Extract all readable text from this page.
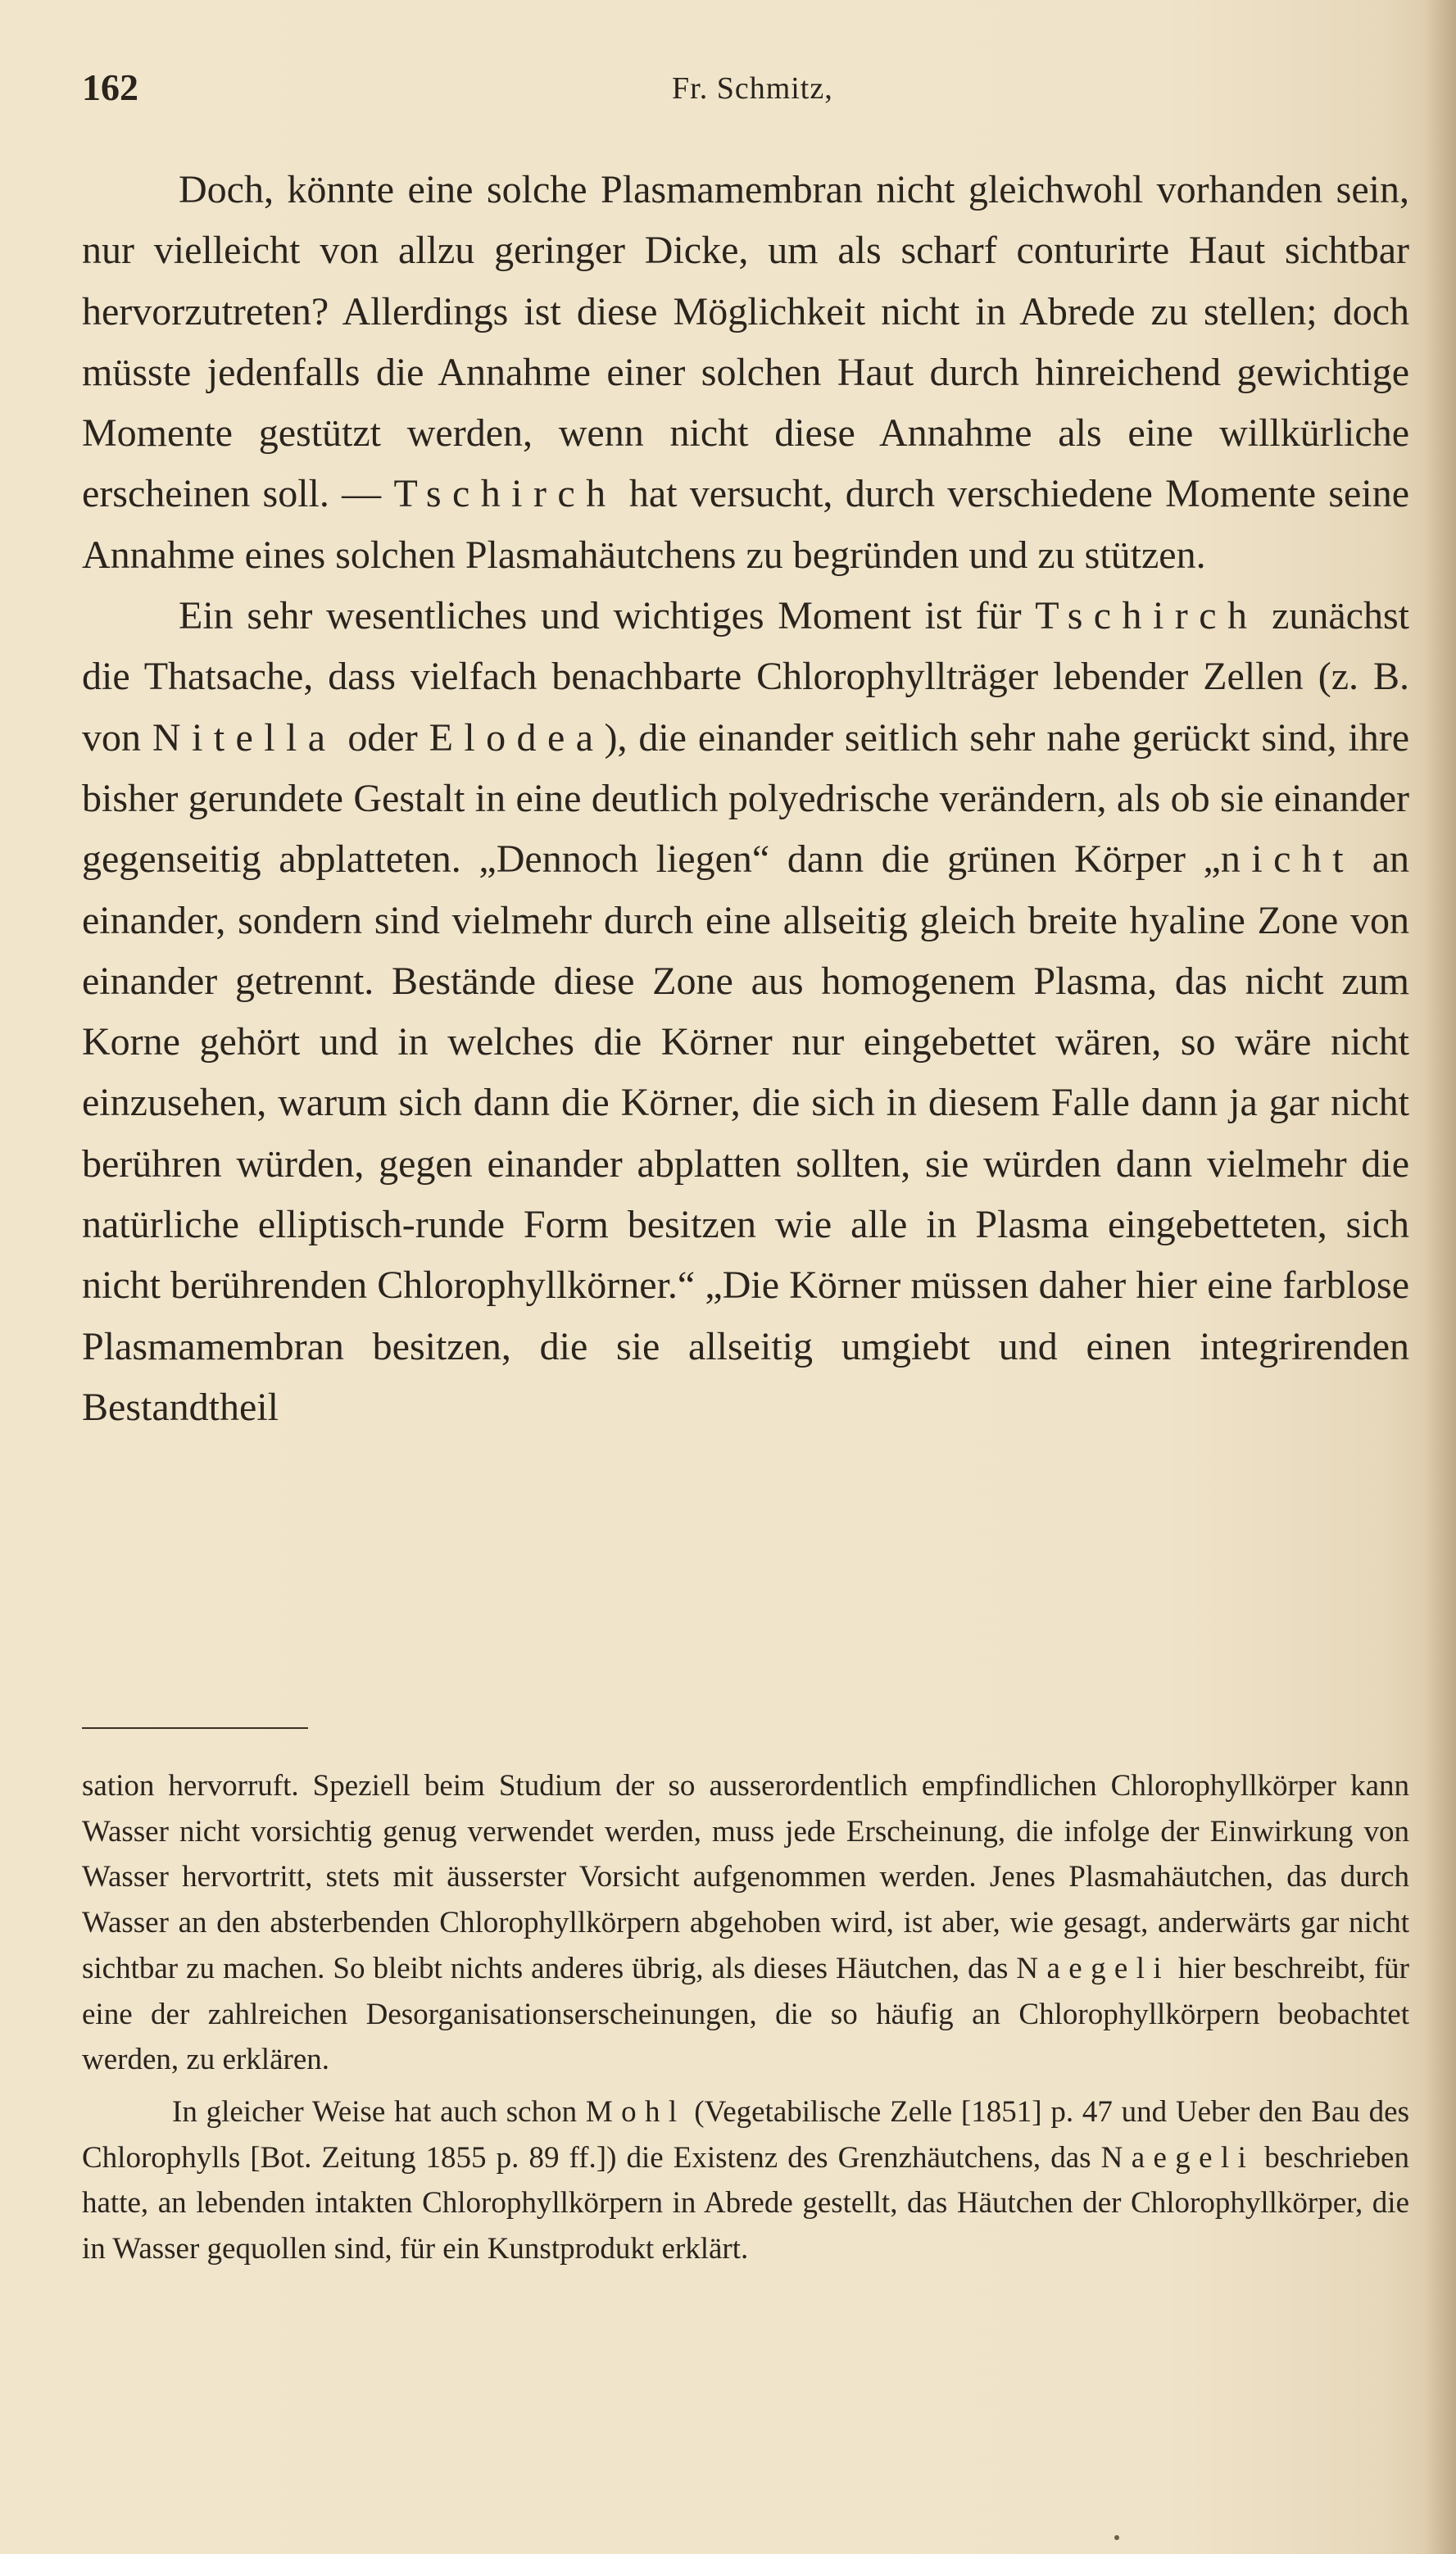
162	Fr. Schmitz,

Doch, könnte eine solche Plasmamembran nicht gleichwohl vorhanden sein, nur vielleicht von allzu geringer Dicke, um als scharf conturirte Haut sichtbar hervorzutreten? Allerdings ist diese Möglichkeit nicht in Abrede zu stellen; doch müsste jedenfalls die Annahme einer solchen Haut durch hinreichend gewichtige Momente gestützt werden, wenn nicht diese Annahme als eine willkürliche erscheinen soll. — Tschirch hat versucht, durch verschiedene Momente seine Annahme eines solchen Plasmahäutchens zu begründen und zu stützen.

Ein sehr wesentliches und wichtiges Moment ist für Tschirch zunächst die Thatsache, dass vielfach benachbarte Chlorophyllträger lebender Zellen (z. B. von Nitella oder Elodea), die einander seitlich sehr nahe gerückt sind, ihre bisher gerundete Gestalt in eine deutlich polyedrische verändern, als ob sie einander gegenseitig abplatteten. „Dennoch liegen“ dann die grünen Körper „nicht an einander, sondern sind vielmehr durch eine allseitig gleich breite hyaline Zone von einander getrennt. Bestände diese Zone aus homogenem Plasma, das nicht zum Korne gehört und in welches die Körner nur eingebettet wären, so wäre nicht einzusehen, warum sich dann die Körner, die sich in diesem Falle dann ja gar nicht berühren würden, gegen einander abplatten sollten, sie würden dann vielmehr die natürliche elliptisch-runde Form besitzen wie alle in Plasma eingebetteten, sich nicht berührenden Chlorophyllkörner.“ „Die Körner müssen daher hier eine farblose Plasmamembran besitzen, die sie allseitig umgiebt und einen integrirenden Bestandtheil

sation hervorruft. Speziell beim Studium der so ausserordentlich empfindlichen Chlorophyllkörper kann Wasser nicht vorsichtig genug verwendet werden, muss jede Erscheinung, die infolge der Einwirkung von Wasser hervortritt, stets mit äusserster Vorsicht aufgenommen werden. Jenes Plasmahäutchen, das durch Wasser an den absterbenden Chlorophyllkörpern abgehoben wird, ist aber, wie gesagt, anderwärts gar nicht sichtbar zu machen. So bleibt nichts anderes übrig, als dieses Häutchen, das Naegeli hier beschreibt, für eine der zahlreichen Desorganisationserscheinungen, die so häufig an Chlorophyllkörpern beobachtet werden, zu erklären.

In gleicher Weise hat auch schon Mohl (Vegetabilische Zelle [1851] p. 47 und Ueber den Bau des Chlorophylls [Bot. Zeitung 1855 p. 89 ff.]) die Existenz des Grenzhäutchens, das Naegeli beschrieben hatte, an lebenden intakten Chlorophyllkörpern in Abrede gestellt, das Häutchen der Chlorophyllkörper, die in Wasser gequollen sind, für ein Kunstprodukt erklärt.
